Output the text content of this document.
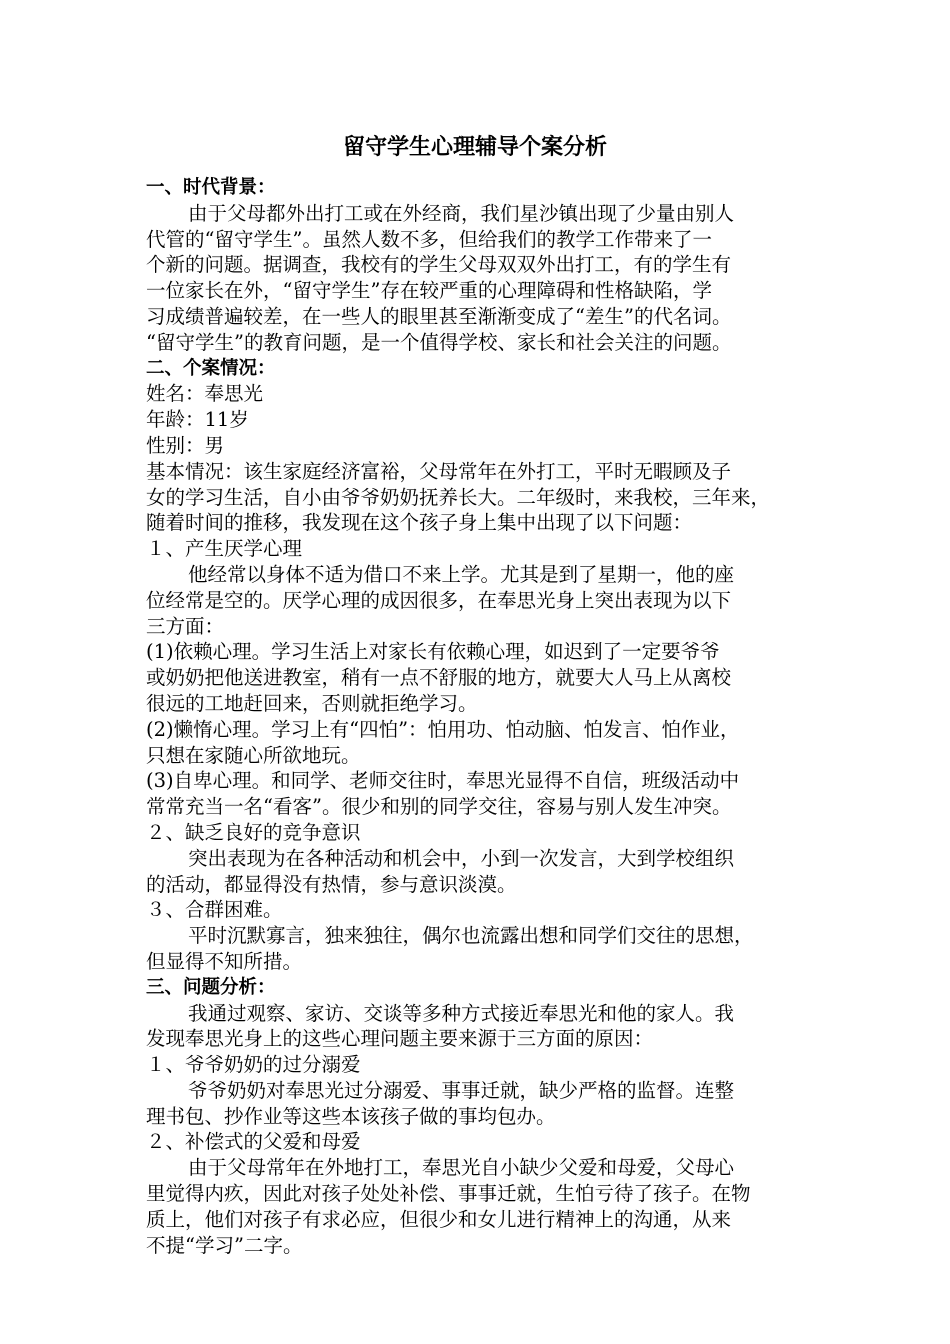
留守学生心理辅导个案分析
一、时代背景：
由于父母都外出打工或在外经商，我们星沙镇出现了少量由别人
代管的“留守学生”。虽然人数不多，但给我们的教学工作带来了一
个新的问题。据调查，我校有的学生父母双双外出打工，有的学生有
一位家长在外，“留守学生”存在较严重的心理障碍和性格缺陷，学
习成绩普遍较差，在一些人的眼里甚至渐渐变成了“差生”的代名词。
“留守学生”的教育问题，是一个值得学校、家长和社会关注的问题。
二、个案情况：
姓名：奉思光
年龄：11岁
性别：男
基本情况：该生家庭经济富裕，父母常年在外打工，平时无暇顾及子
女的学习生活，自小由爷爷奶奶抚养长大。二年级时，来我校，三年来，
随着时间的推移，我发现在这个孩子身上集中出现了以下问题：
１、产生厌学心理
他经常以身体不适为借口不来上学。尤其是到了星期一，他的座
位经常是空的。厌学心理的成因很多，在奉思光身上突出表现为以下
三方面：
(1)依赖心理。学习生活上对家长有依赖心理，如迟到了一定要爷爷
或奶奶把他送进教室，稍有一点不舒服的地方，就要大人马上从离校
很远的工地赶回来，否则就拒绝学习。
(2)懒惰心理。学习上有“四怕”：怕用功、怕动脑、怕发言、怕作业，
只想在家随心所欲地玩。
(3)自卑心理。和同学、老师交往时，奉思光显得不自信，班级活动中
常常充当一名“看客”。很少和别的同学交往，容易与别人发生冲突。
２、缺乏良好的竞争意识
突出表现为在各种活动和机会中，小到一次发言，大到学校组织
的活动，都显得没有热情，参与意识淡漠。
３、合群困难。
平时沉默寡言，独来独往，偶尔也流露出想和同学们交往的思想，
但显得不知所措。
三、问题分析：
我通过观察、家访、交谈等多种方式接近奉思光和他的家人。我
发现奉思光身上的这些心理问题主要来源于三方面的原因：
１、爷爷奶奶的过分溺爱
爷爷奶奶对奉思光过分溺爱、事事迁就，缺少严格的监督。连整
理书包、抄作业等这些本该孩子做的事均包办。
２、补偿式的父爱和母爱
由于父母常年在外地打工，奉思光自小缺少父爱和母爱，父母心
里觉得内疚，因此对孩子处处补偿、事事迁就，生怕亏待了孩子。在物
质上，他们对孩子有求必应，但很少和女儿进行精神上的沟通，从来
不提“学习”二字。
